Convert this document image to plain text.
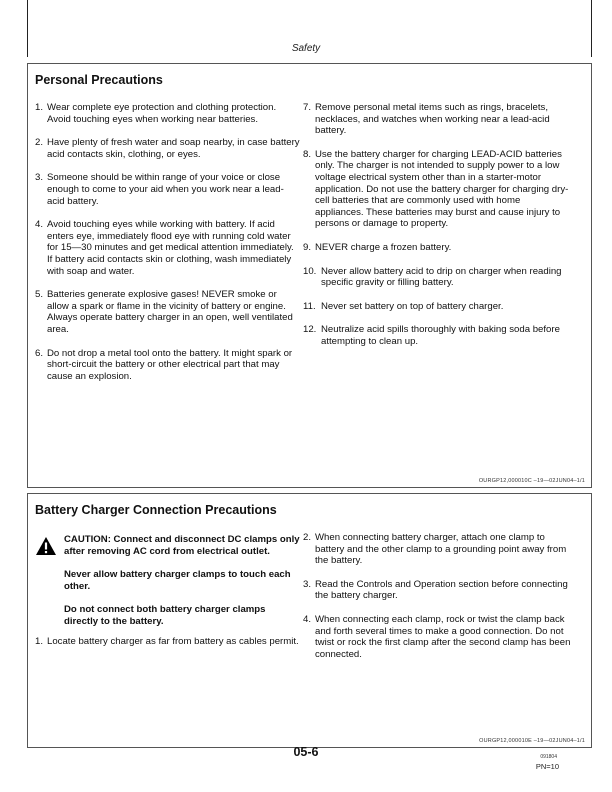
Safety
Personal Precautions
1. Wear complete eye protection and clothing protection. Avoid touching eyes when working near batteries.
2. Have plenty of fresh water and soap nearby, in case battery acid contacts skin, clothing, or eyes.
3. Someone should be within range of your voice or close enough to come to your aid when you work near a lead-acid battery.
4. Avoid touching eyes while working with battery. If acid enters eye, immediately flood eye with running cold water for 15—30 minutes and get medical attention immediately. If battery acid contacts skin or clothing, wash immediately with soap and water.
5. Batteries generate explosive gases! NEVER smoke or allow a spark or flame in the vicinity of battery or engine. Always operate battery charger in an open, well ventilated area.
6. Do not drop a metal tool onto the battery. It might spark or short-circuit the battery or other electrical part that may cause an explosion.
7. Remove personal metal items such as rings, bracelets, necklaces, and watches when working near a lead-acid battery.
8. Use the battery charger for charging LEAD-ACID batteries only. The charger is not intended to supply power to a low voltage electrical system other than in a starter-motor application. Do not use the battery charger for charging dry-cell batteries that are commonly used with home appliances. These batteries may burst and cause injury to persons or damage to property.
9. NEVER charge a frozen battery.
10. Never allow battery acid to drip on charger when reading specific gravity or filling battery.
11. Never set battery on top of battery charger.
12. Neutralize acid spills thoroughly with baking soda before attempting to clean up.
OURGP12,000010C –19—02JUN04–1/1
Battery Charger Connection Precautions

CAUTION: Connect and disconnect DC clamps only after removing AC cord from electrical outlet.

Never allow battery charger clamps to touch each other.

Do not connect both battery charger clamps directly to the battery.

1. Locate battery charger as far from battery as cables permit.
2. When connecting battery charger, attach one clamp to battery and the other clamp to a grounding point away from the battery.
3. Read the Controls and Operation section before connecting the battery charger.
4. When connecting each clamp, rock or twist the clamp back and forth several times to make a good connection. Do not twist or rock the first clamp after the second clamp has been connected.
OURGP12,000010E –19—02JUN04–1/1
05-6	091804
PN=10
